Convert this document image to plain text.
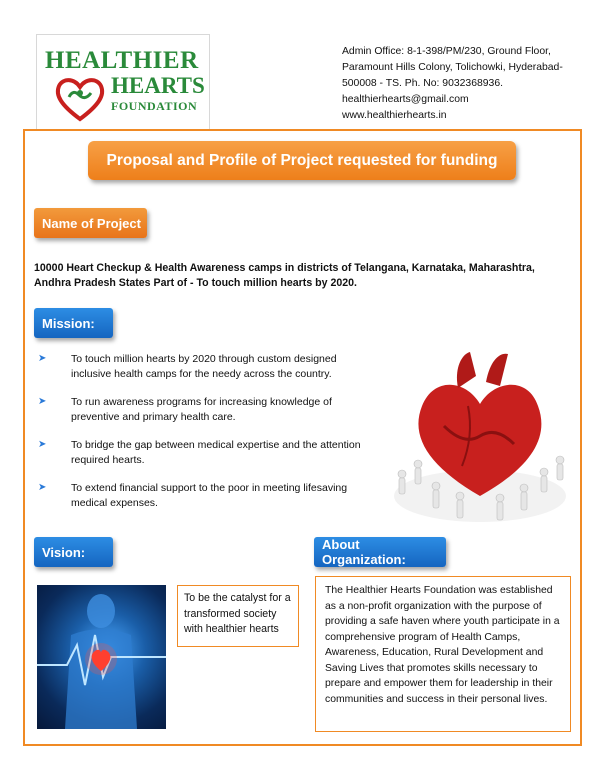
HEALTHIER
HEARTS
FOUNDATION
Admin Office: 8-1-398/PM/230, Ground Floor,
Paramount Hills Colony, Tolichowki, Hyderabad-
500008 - TS. Ph. No: 9032368936.
healthierhearts@gmail.com
www.healthierhearts.in
Proposal and Profile of Project requested for funding
Name of Project
10000 Heart Checkup & Health Awareness camps in districts of Telangana, Karnataka, Maharashtra, Andhra Pradesh States Part of - To touch million hearts by 2020.
Mission:
➤ To touch million hearts by 2020 through custom designed inclusive health camps for the needy across the country.
➤ To run awareness programs for increasing knowledge of preventive and primary health care.
➤ To bridge the gap between medical expertise and the attention required hearts.
➤ To extend financial support to the poor in meeting lifesaving medical expenses.
Vision:	About Organization:
To be the catalyst for a transformed society with healthier hearts
The Healthier Hearts Foundation was established as a non-profit organization with the purpose of providing a safe haven where youth participate in a comprehensive program of Health Camps, Awareness, Education, Rural Development and Saving Lives that promotes skills necessary to prepare and empower them for leadership in their communities and success in their personal lives.
